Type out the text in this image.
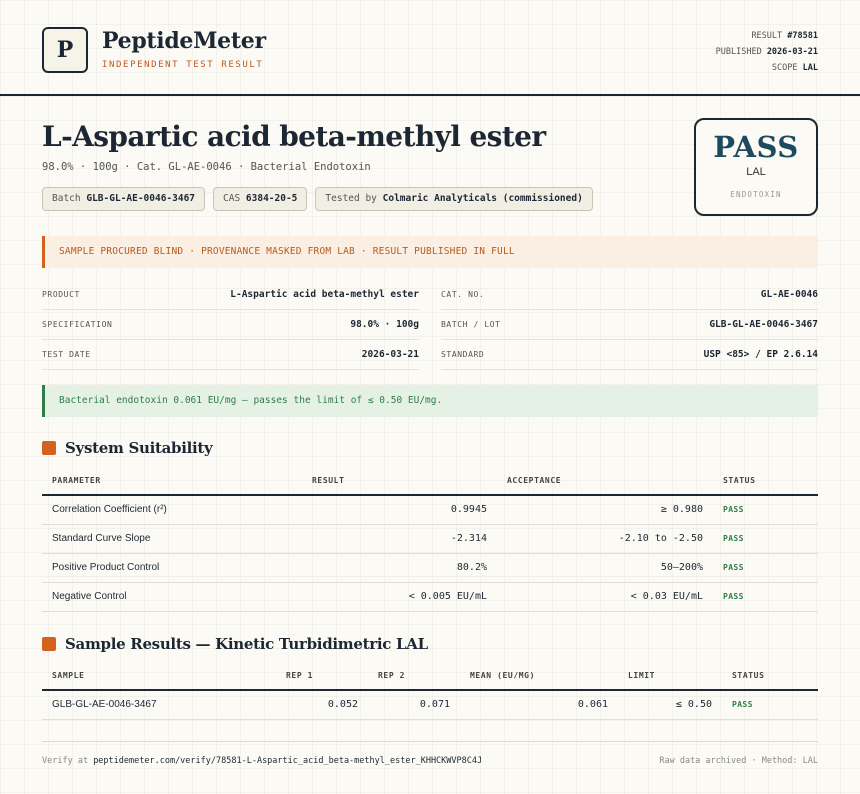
P	PeptideMeter
INDEPENDENT TEST RESULT
RESULT #78581
PUBLISHED 2026-03-21
SCOPE LAL
L-Aspartic acid beta-methyl ester
98.0% · 100g · Cat. GL-AE-0046 · Bacterial Endotoxin
Batch GLB-GL-AE-0046-3467	CAS 6384-20-5	Tested by Colmaric Analyticals (commissioned)
PASS
LAL
ENDOTOXIN
SAMPLE PROCURED BLIND · PROVENANCE MASKED FROM LAB · RESULT PUBLISHED IN FULL
PRODUCT	L-Aspartic acid beta-methyl ester
SPECIFICATION	98.0% · 100g
TEST DATE	2026-03-21
CAT. NO.	GL-AE-0046
BATCH / LOT	GLB-GL-AE-0046-3467
STANDARD	USP <85> / EP 2.6.14
Bacterial endotoxin 0.061 EU/mg — passes the limit of ≤ 0.50 EU/mg.
System Suitability
PARAMETER	RESULT	ACCEPTANCE	STATUS
Correlation Coefficient (r²)	0.9945	≥ 0.980	PASS
Standard Curve Slope	-2.314	-2.10 to -2.50	PASS
Positive Product Control	80.2%	50–200%	PASS
Negative Control	< 0.005 EU/mL	< 0.03 EU/mL	PASS
Sample Results — Kinetic Turbidimetric LAL
SAMPLE	REP 1	REP 2	MEAN (EU/MG)	LIMIT	STATUS
GLB-GL-AE-0046-3467	0.052	0.071	0.061	≤ 0.50	PASS
Verify at peptidemeter.com/verify/78581-L-Aspartic_acid_beta-methyl_ester_KHHCKWVP8C4J	Raw data archived · Method: LAL
